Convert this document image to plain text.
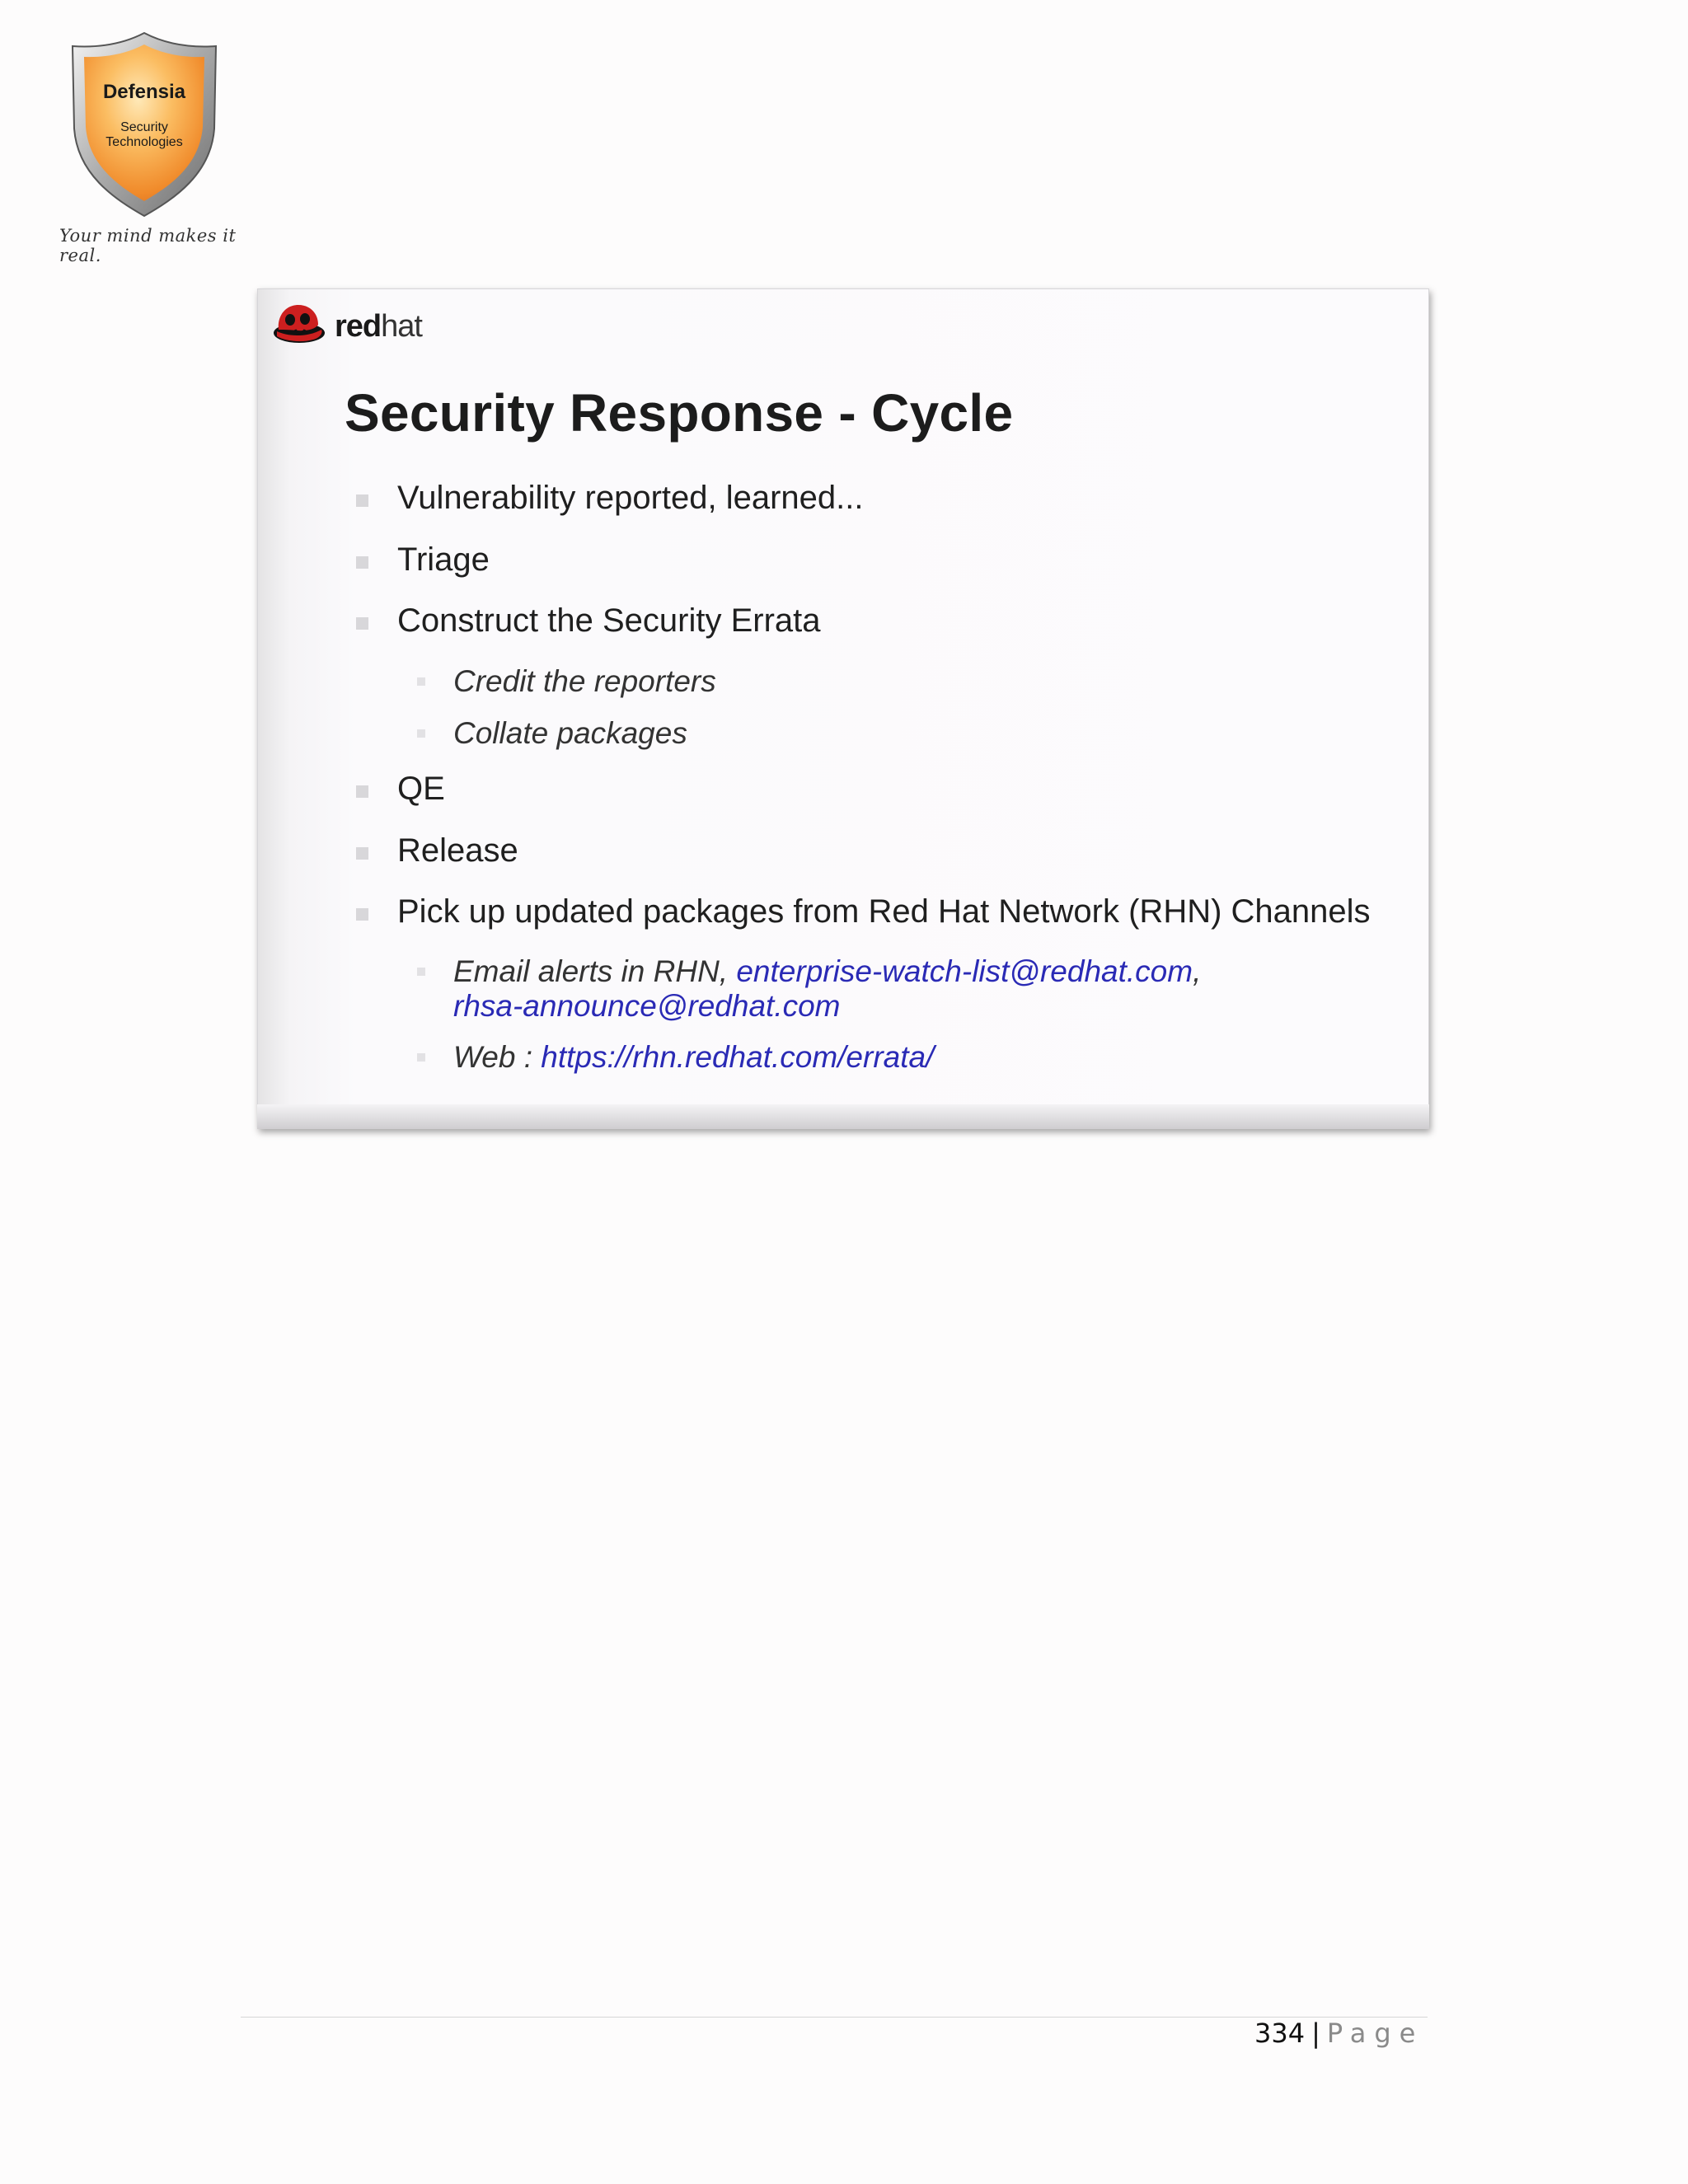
Defensia
Security
Technologies
Your mind makes it real.
redhat
Security Response - Cycle
Vulnerability reported, learned...
Triage
Construct the Security Errata
Credit the reporters
Collate packages
QE
Release
Pick up updated packages from Red Hat Network (RHN) Channels
Email alerts in RHN, enterprise-watch-list@redhat.com,
rhsa-announce@redhat.com
Web : https://rhn.redhat.com/errata/
334 | Page
